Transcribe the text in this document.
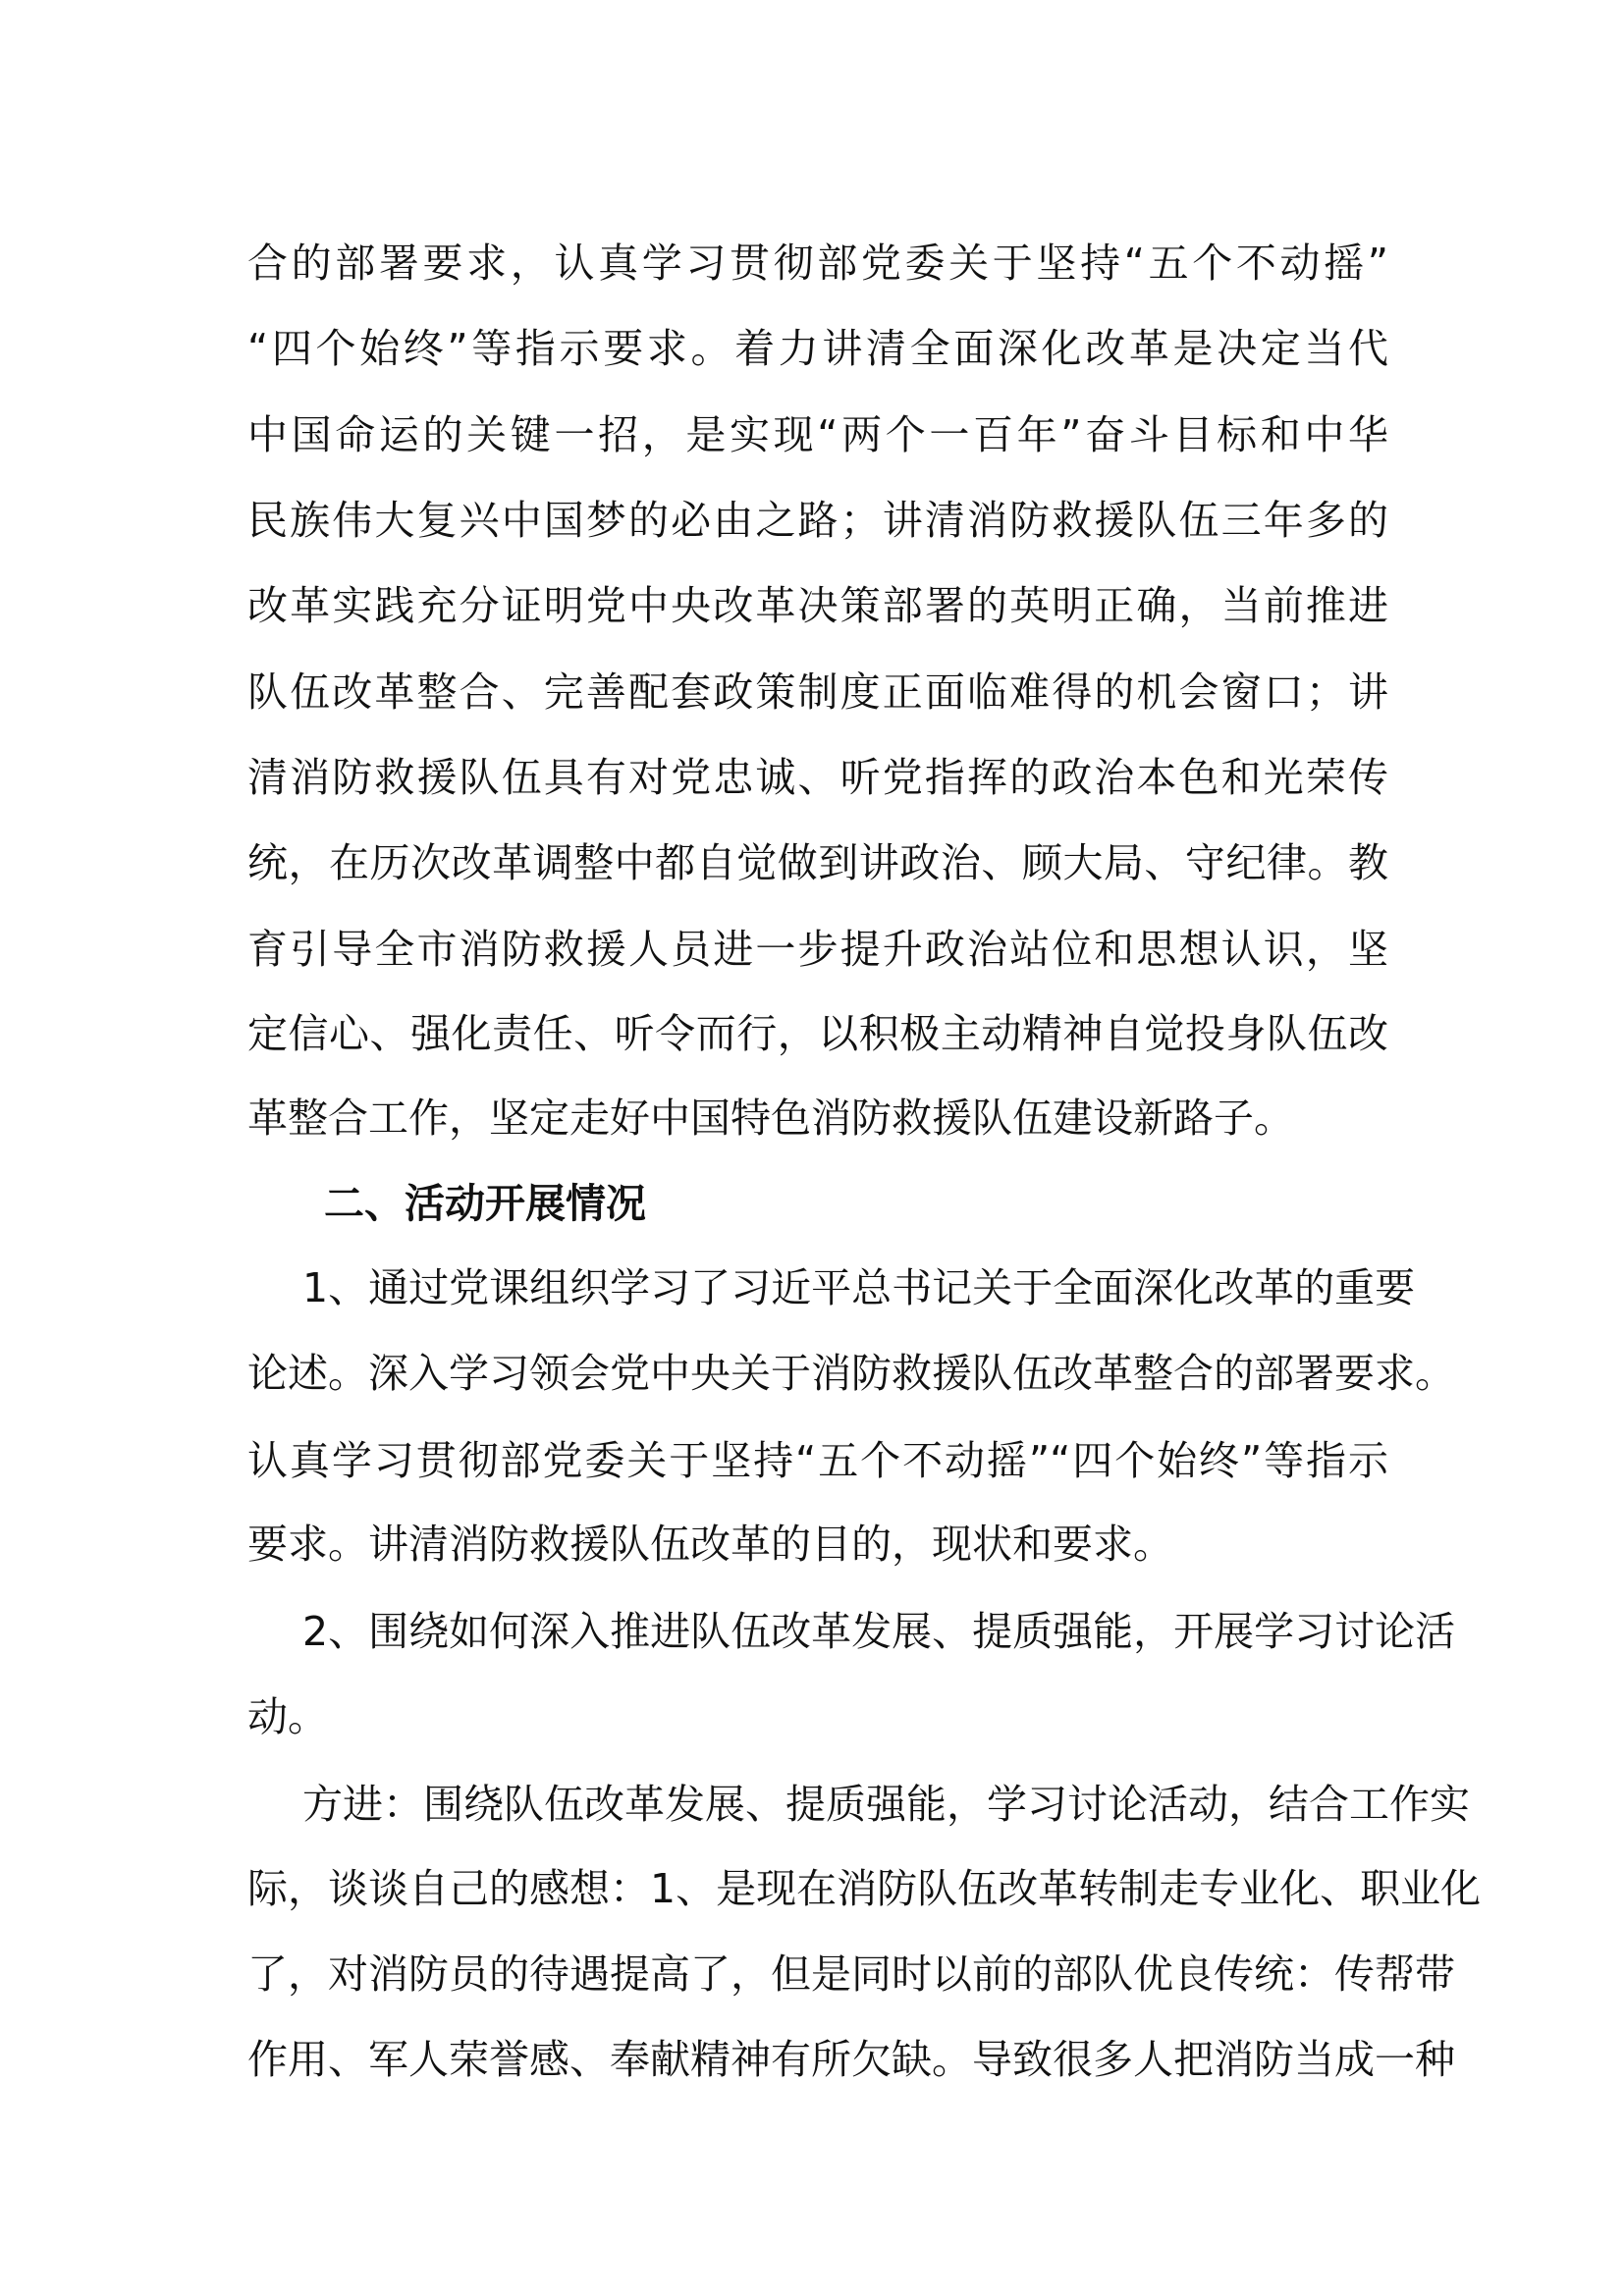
合的部署要求，认真学习贯彻部党委关于坚持“五个不动摇”
“四个始终”等指示要求。着力讲清全面深化改革是决定当代
中国命运的关键一招，是实现“两个一百年”奋斗目标和中华
民族伟大复兴中国梦的必由之路；讲清消防救援队伍三年多的
改革实践充分证明党中央改革决策部署的英明正确，当前推进
队伍改革整合、完善配套政策制度正面临难得的机会窗口；讲
清消防救援队伍具有对党忠诚、听党指挥的政治本色和光荣传
统，在历次改革调整中都自觉做到讲政治、顾大局、守纪律。教
育引导全市消防救援人员进一步提升政治站位和思想认识，坚
定信心、强化责任、听令而行，以积极主动精神自觉投身队伍改
革整合工作，坚定走好中国特色消防救援队伍建设新路子。
二、活动开展情况
1、通过党课组织学习了习近平总书记关于全面深化改革的重要
论述。深入学习领会党中央关于消防救援队伍改革整合的部署要求。
认真学习贯彻部党委关于坚持“五个不动摇”“四个始终”等指示
要求。讲清消防救援队伍改革的目的，现状和要求。
2、围绕如何深入推进队伍改革发展、提质强能，开展学习讨论活
动。
方进：围绕队伍改革发展、提质强能，学习讨论活动，结合工作实
际，谈谈自己的感想：1、是现在消防队伍改革转制走专业化、职业化
了，对消防员的待遇提高了，但是同时以前的部队优良传统：传帮带
作用、军人荣誉感、奉献精神有所欠缺。导致很多人把消防当成一种
